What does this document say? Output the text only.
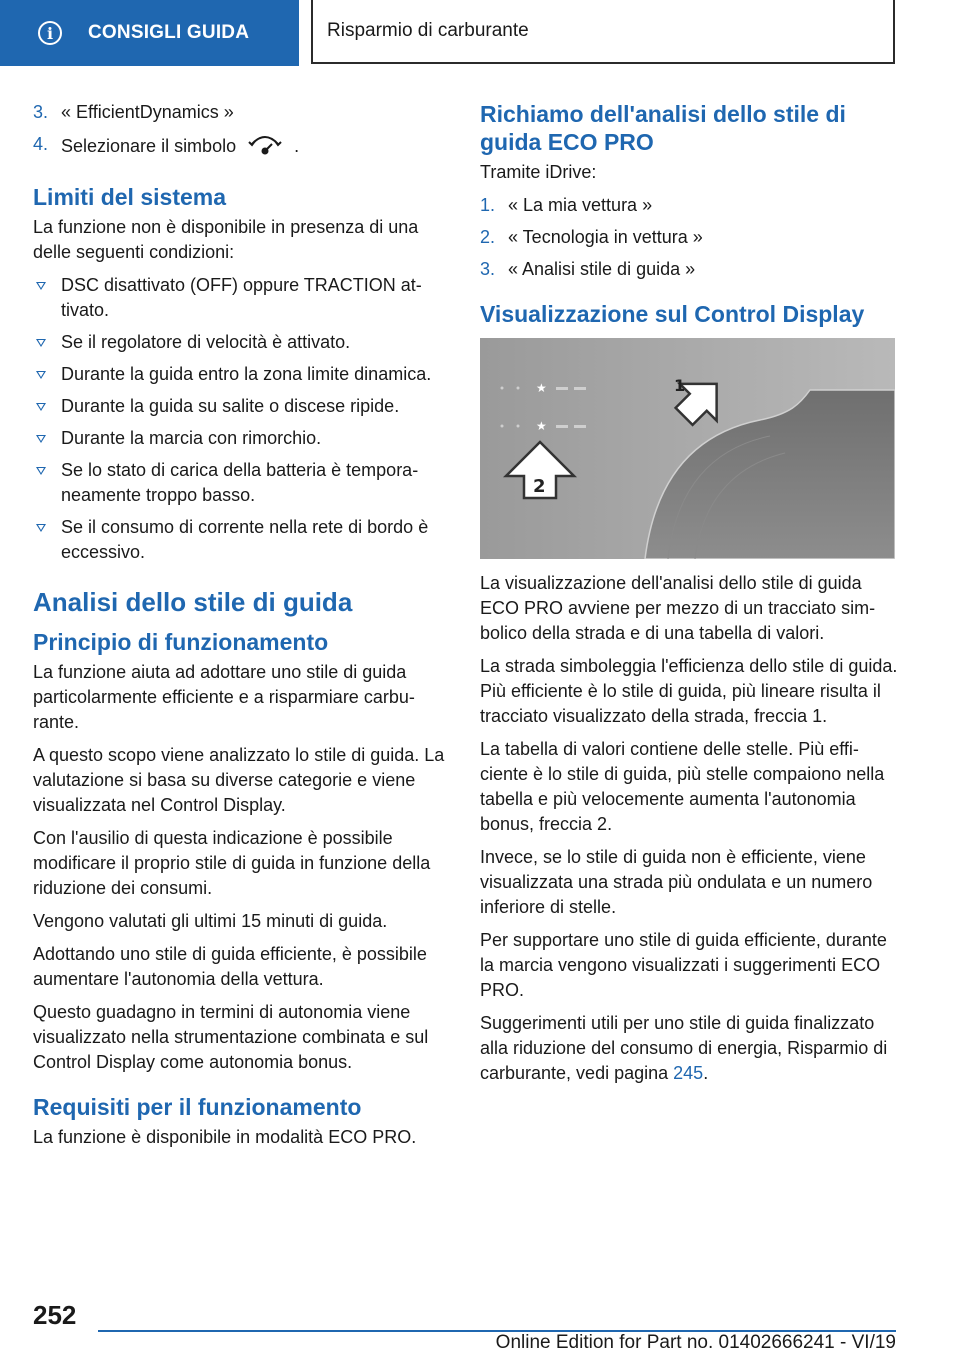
i	CONSIGLI GUIDA	Risparmio di carburante
3. « EfficientDynamics »
4. Selezionare il simbolo	.
Limiti del sistema

La funzione non è disponibile in presenza di una delle seguenti condizioni:

DSC disattivato (OFF) oppure TRACTION attivato.
Se il regolatore di velocità è attivato.
Durante la guida entro la zona limite dinamica.
Durante la guida su salite o discese ripide.
Durante la marcia con rimorchio.
Se lo stato di carica della batteria è temporaneamente troppo basso.
Se il consumo di corrente nella rete di bordo è eccessivo.
Analisi dello stile di guida
Principio di funzionamento

La funzione aiuta ad adottare uno stile di guida particolarmente efficiente e a risparmiare carburante.

A questo scopo viene analizzato lo stile di guida. La valutazione si basa su diverse categorie e viene visualizzata nel Control Display.

Con l'ausilio di questa indicazione è possibile modificare il proprio stile di guida in funzione della riduzione dei consumi.

Vengono valutati gli ultimi 15 minuti di guida.

Adottando uno stile di guida efficiente, è possibile aumentare l'autonomia della vettura.

Questo guadagno in termini di autonomia viene visualizzato nella strumentazione combinata e sul Control Display come autonomia bonus.

Requisiti per il funzionamento

La funzione è disponibile in modalità ECO PRO.

Richiamo dell'analisi dello stile di guida ECO PRO

Tramite iDrive:

1. « La mia vettura »
2. « Tecnologia in vettura »
3. « Analisi stile di guida »
Visualizzazione sul Control Display
★
★
1
2

La visualizzazione dell'analisi dello stile di guida ECO PRO avviene per mezzo di un tracciato simbolico della strada e di una tabella di valori.

La strada simboleggia l'efficienza dello stile di guida. Più efficiente è lo stile di guida, più lineare risulta il tracciato visualizzato della strada, freccia 1.

La tabella di valori contiene delle stelle. Più efficiente è lo stile di guida, più stelle compaiono nella tabella e più velocemente aumenta l'autonomia bonus, freccia 2.

Invece, se lo stile di guida non è efficiente, viene visualizzata una strada più ondulata e un numero inferiore di stelle.

Per supportare uno stile di guida efficiente, durante la marcia vengono visualizzati i suggerimenti ECO PRO.

Suggerimenti utili per uno stile di guida finalizzato alla riduzione del consumo di energia, Risparmio di carburante, vedi pagina 245.

252
Online Edition for Part no. 01402666241 - VI/19
